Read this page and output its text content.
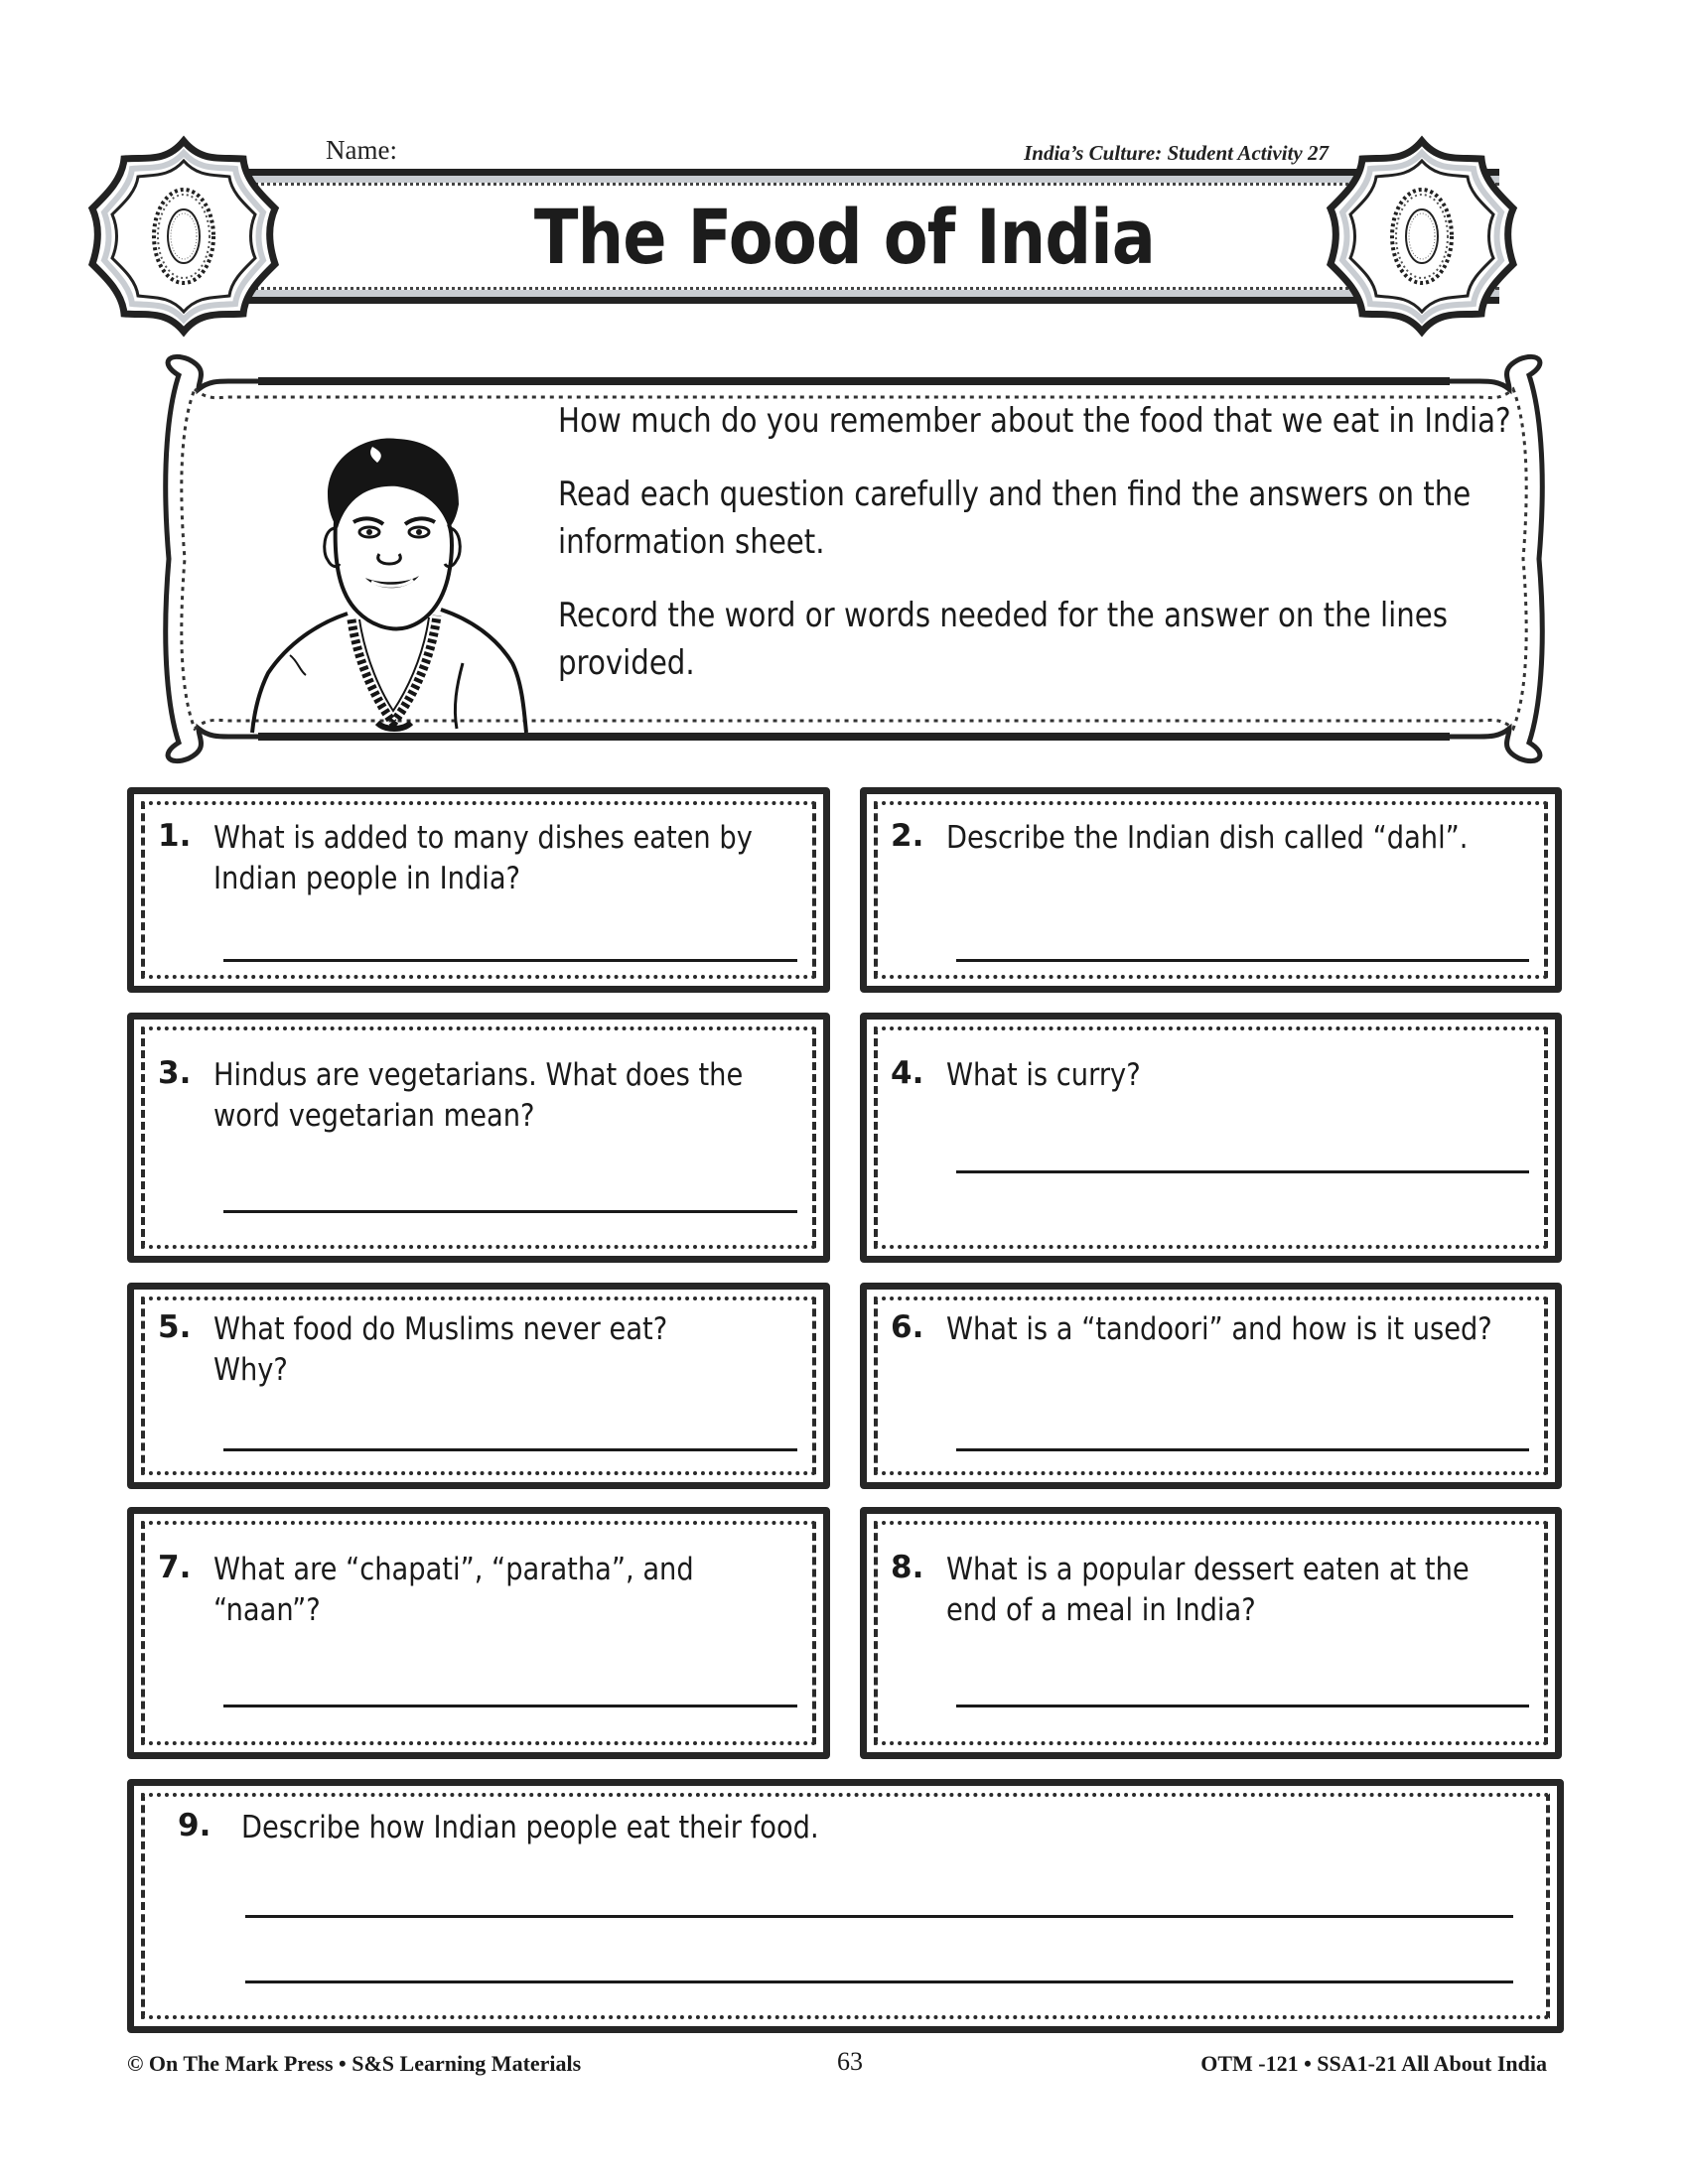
Name:	India’s Culture: Student Activity 27
The Food of India

How much do you remember about the food that we eat in India?

Read each question carefully and then find the answers on the information sheet.

Record the word or words needed for the answer on the lines provided.

1. What is added to many dishes eaten by Indian people in India?
2. Describe the Indian dish called “dahl”.
3. Hindus are vegetarians. What does the word vegetarian mean?
4. What is curry?
5. What food do Muslims never eat? Why?
6. What is a “tandoori” and how is it used?
7. What are “chapati”, “paratha”, and “naan”?
8. What is a popular dessert eaten at the end of a meal in India?
9. Describe how Indian people eat their food.
© On The Mark Press • S&S Learning Materials	63	OTM -121 • SSA1-21 All About India
